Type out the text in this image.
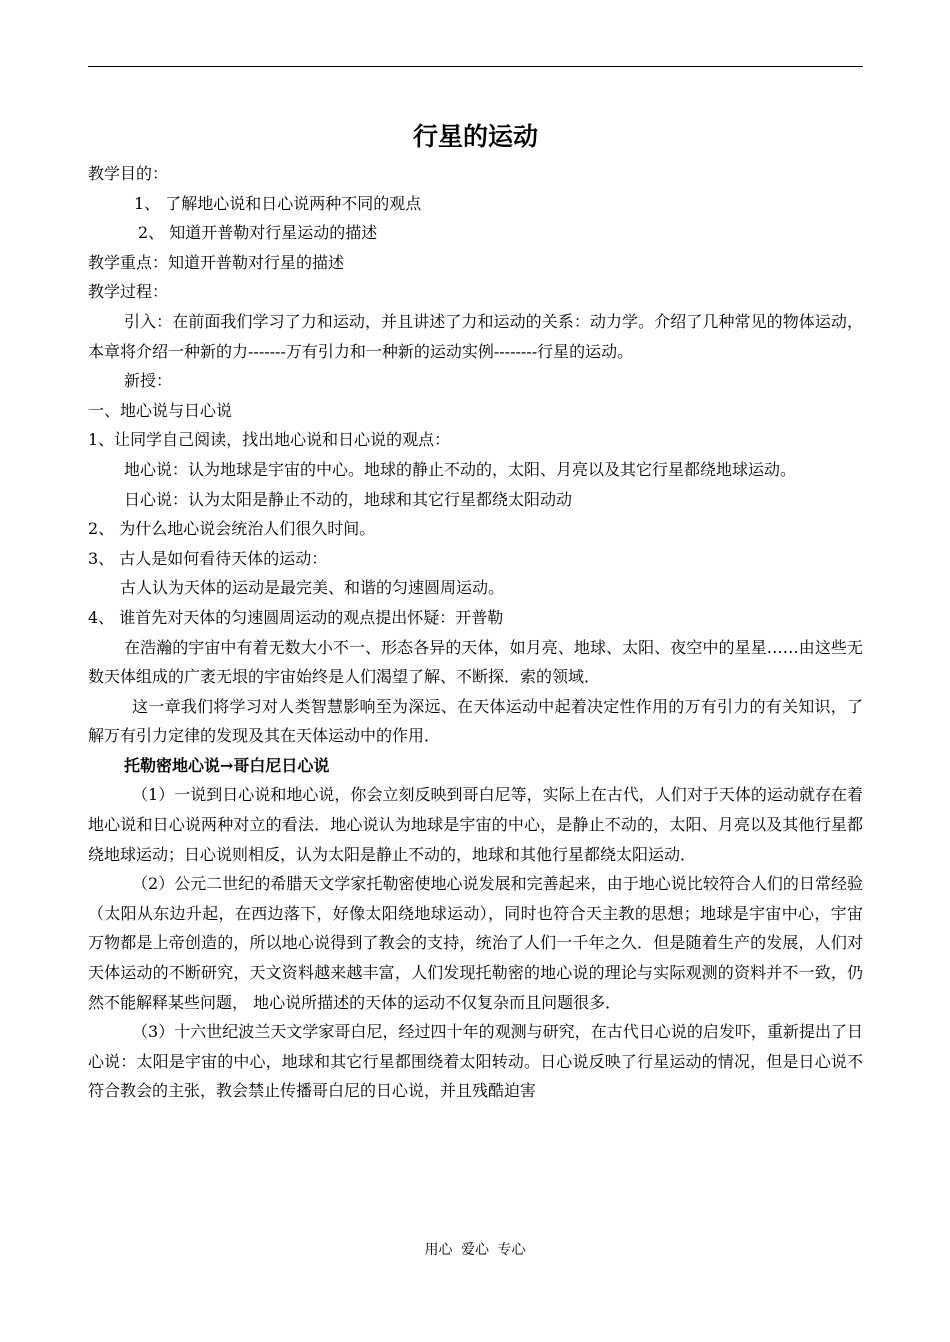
行星的运动

教学目的：

1、 了解地心说和日心说两种不同的观点

2、 知道开普勒对行星运动的描述

教学重点：知道开普勒对行星的描述

教学过程：

引入：在前面我们学习了力和运动，并且讲述了力和运动的关系：动力学。介绍了几种常见的物体运动，本章将介绍一种新的力-------万有引力和一种新的运动实例--------行星的运动。

新授：

一、地心说与日心说

1、让同学自己阅读，找出地心说和日心说的观点：

地心说：认为地球是宇宙的中心。地球的静止不动的，太阳、月亮以及其它行星都绕地球运动。

日心说：认为太阳是静止不动的，地球和其它行星都绕太阳动动

2、 为什么地心说会统治人们很久时间。

3、 古人是如何看待天体的运动：

古人认为天体的运动是最完美、和谐的匀速圆周运动。

4、 谁首先对天体的匀速圆周运动的观点提出怀疑：开普勒

在浩瀚的宇宙中有着无数大小不一、形态各异的天体，如月亮、地球、太阳、夜空中的星星……由这些无数天体组成的广袤无垠的宇宙始终是人们渴望了解、不断探．索的领域．

这一章我们将学习对人类智慧影响至为深远、在天体运动中起着决定性作用的万有引力的有关知识，了解万有引力定律的发现及其在天体运动中的作用．

托勒密地心说→哥白尼日心说

（1）一说到日心说和地心说，你会立刻反映到哥白尼等，实际上在古代，人们对于天体的运动就存在着地心说和日心说两种对立的看法．地心说认为地球是宇宙的中心，是静止不动的，太阳、月亮以及其他行星都绕地球运动；日心说则相反，认为太阳是静止不动的，地球和其他行星都绕太阳运动．

（2）公元二世纪的希腊天文学家托勒密使地心说发展和完善起来，由于地心说比较符合人们的日常经验（太阳从东边升起，在西边落下，好像太阳绕地球运动），同时也符合天主教的思想；地球是宇宙中心，宇宙万物都是上帝创造的，所以地心说得到了教会的支持，统治了人们一千年之久．但是随着生产的发展，人们对天体运动的不断研究，天文资料越来越丰富，人们发现托勒密的地心说的理论与实际观测的资料并不一致，仍然不能解释某些问题， 地心说所描述的天体的运动不仅复杂而且问题很多．

（3）十六世纪波兰天文学家哥白尼，经过四十年的观测与研究，在古代日心说的启发吓，重新提出了日心说：太阳是宇宙的中心，地球和其它行星都围绕着太阳转动。日心说反映了行星运动的情况，但是日心说不符合教会的主张，教会禁止传播哥白尼的日心说，并且残酷迫害

用心 爱心 专心
